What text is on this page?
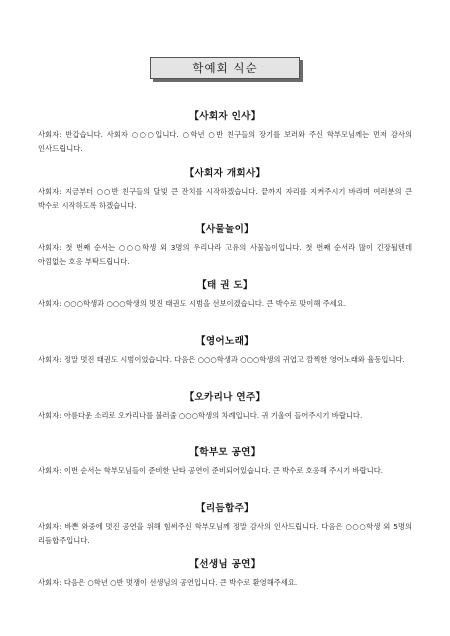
학예회 식순
【사회자 인사】

사회자: 반갑습니다. 사회자 ○○○입니다. ○학년 ○반 친구들의 장기를 보러와 주신 학부모님께는 먼저 감사의 인사드립니다.

【사회자 개회사】

사회자: 지금부터 ○○반 친구들의 달빛 큰 잔치를 시작하겠습니다. 끝까지 자리를 지켜주시기 바라며 여러분의 큰 박수로 시작하도록 하겠습니다.

【사물놀이】

사회자: 첫 번째 순서는 ○○○학생 외 3명의 우리나라 고유의 사물놀이입니다. 첫 번째 순서라 많이 긴장될텐데 아낌없는 호응 부탁드립니다.

【태 권 도】

사회자: ○○○학생과 ○○○학생의 멋진 태권도 시범을 선보이겠습니다. 큰 박수로 맞이해 주세요.

【영어노래】

사회자: 정말 멋진 태권도 시범이었습니다. 다음은 ○○○학생과 ○○○학생의 귀엽고 깜찍한 영어노래와 율동입니다.

【오카리나 연주】

사회자: 아름다운 소리로 오카리나를 불러줄 ○○○학생의 차례입니다. 귀 기울여 들어주시기 바랍니다.

【학부모 공연】

사회자: 이번 순서는 학부모님들이 준비한 난타 공연이 준비되어있습니다. 큰 박수로 호응해 주시기 바랍니다.

【리듬합주】

사회자: 바쁜 와중에 멋진 공연을 위해 힘써주신 학부모님께 정말 감사의 인사드립니다. 다음은 ○○○학생 외 5명의 리듬합주입니다.

【선생님 공연】

사회자: 다음은 ○학년 ○반 멋쟁이 선생님의 공연입니다. 큰 박수로 환영해주세요.
